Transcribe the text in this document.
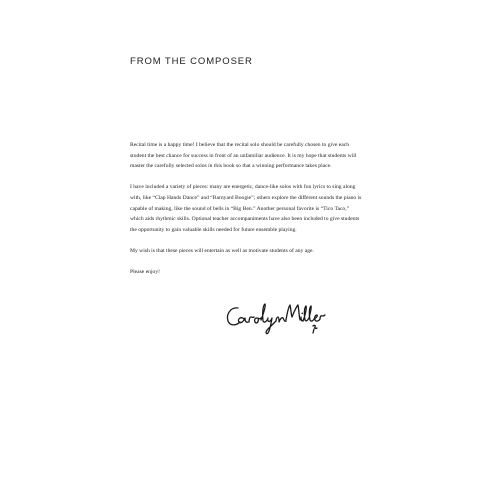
FROM THE COMPOSER

Recital time is a happy time! I believe that the recital solo should be carefully chosen to give each student the best chance for success in front of an unfamiliar audience. It is my hope that students will master the carefully selected solos in this book so that a winning performance takes place.

I have included a variety of pieces: many are energetic, dance-like solos with fun lyrics to sing along with, like “Clap Hands Dance” and “Barnyard Boogie”; others explore the different sounds the piano is capable of making, like the sound of bells in “Big Ben.” Another personal favorite is “Tico Taco,” which aids rhythmic skills. Optional teacher accompaniments have also been included to give students the opportunity to gain valuable skills needed for future ensemble playing.

My wish is that these pieces will entertain as well as motivate students of any age.

Please enjoy!
